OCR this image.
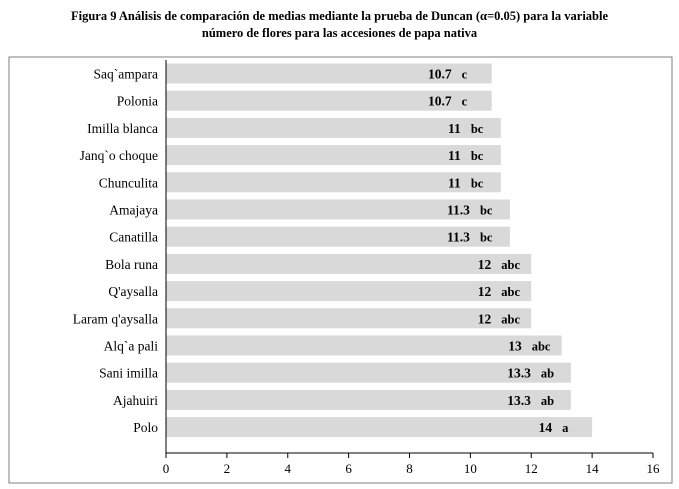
Figura 9 Análisis de comparación de medias mediante la prueba de Duncan (α=0.05) para la variable
número de flores para las accesiones de papa nativa
Saq`ampara	10.7 c
Polonia	10.7 c
Imilla blanca	11 bc
Janq`o choque	11 bc
Chunculita	11 bc
Amajaya	11.3 bc
Canatilla	11.3 bc
Bola runa	12 abc
Q'aysalla	12 abc
Laram q'aysalla	12 abc
Alq`a pali	13 abc
Sani imilla	13.3 ab
Ajahuiri	13.3 ab
Polo	14 a
0	2	4	6	8	10	12	14	16
